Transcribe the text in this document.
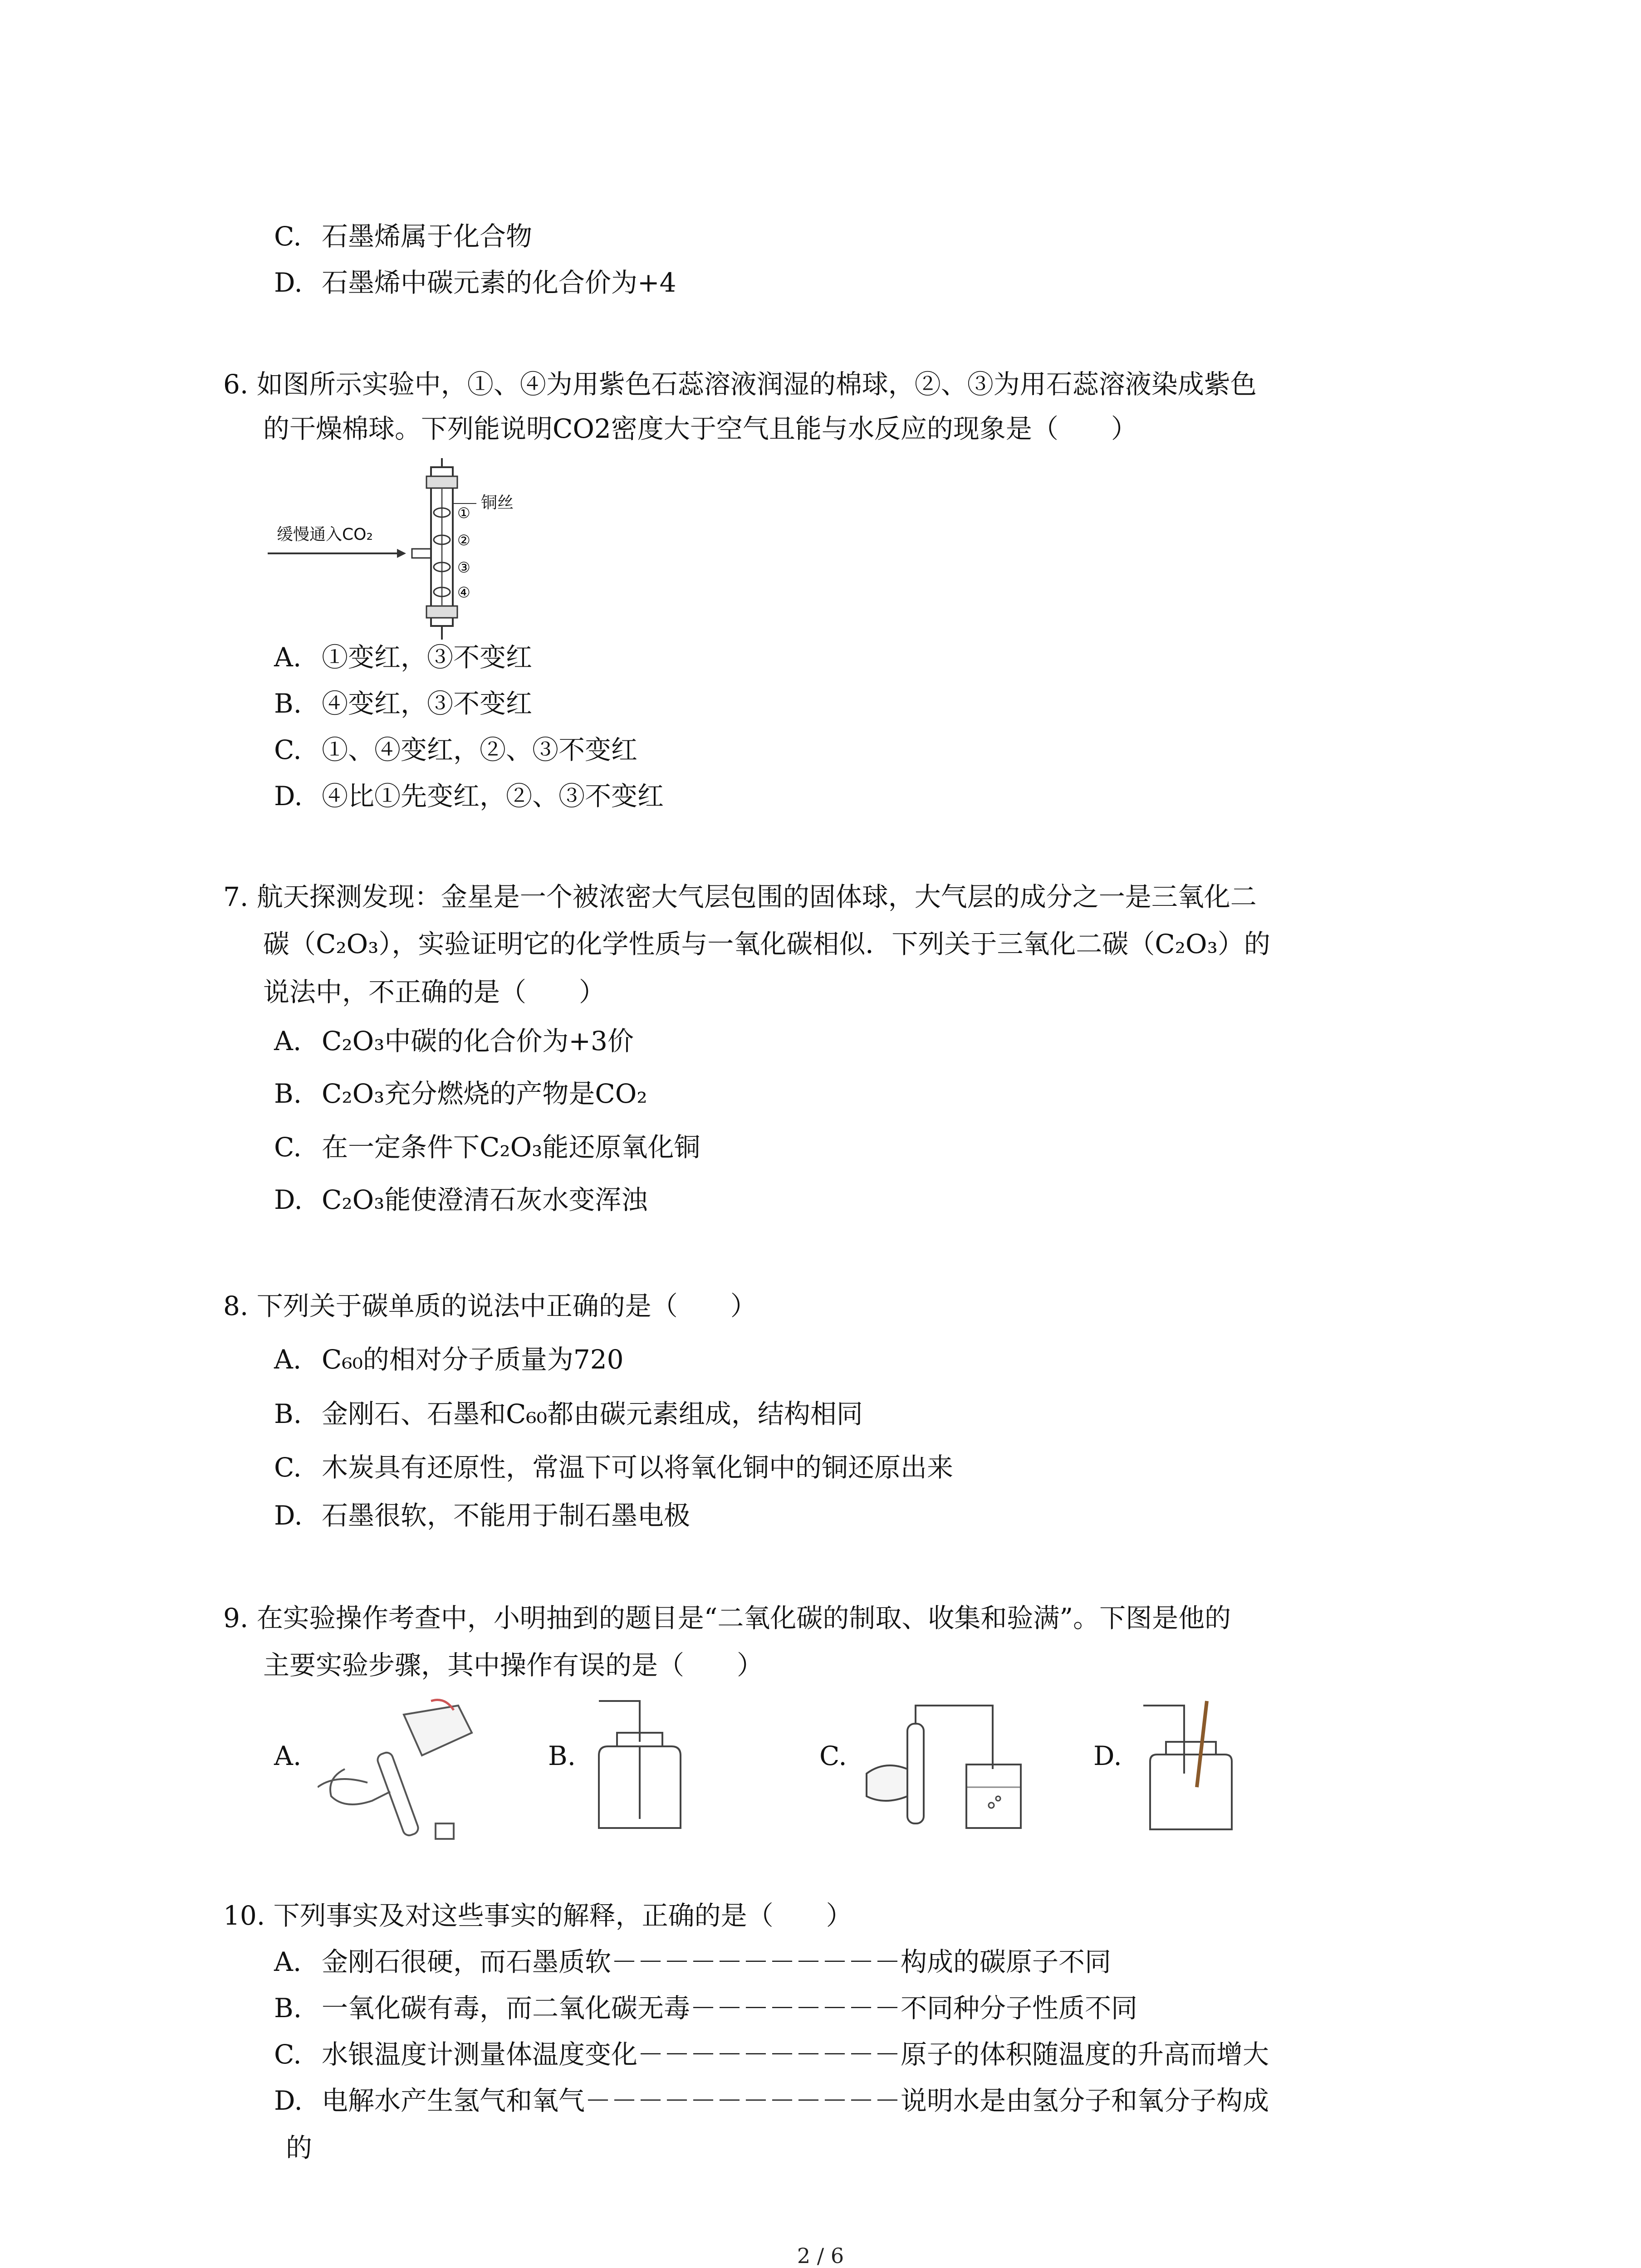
C. 石墨烯属于化合物
D. 石墨烯中碳元素的化合价为+4
6. 如图所示实验中，①、④为用紫色石蕊溶液润湿的棉球，②、③为用石蕊溶液染成紫色
的干燥棉球。下列能说明CO2密度大于空气且能与水反应的现象是（　　）
缓慢通入CO₂
铜丝
①
②
③
④
A. ①变红，③不变红
B. ④变红，③不变红
C. ①、④变红，②、③不变红
D. ④比①先变红，②、③不变红
7. 航天探测发现：金星是一个被浓密大气层包围的固体球，大气层的成分之一是三氧化二
碳（C₂O₃），实验证明它的化学性质与一氧化碳相似．下列关于三氧化二碳（C₂O₃）的
说法中，不正确的是（　　）
A. C₂O₃中碳的化合价为+3价
B. C₂O₃充分燃烧的产物是CO₂
C. 在一定条件下C₂O₃能还原氧化铜
D. C₂O₃能使澄清石灰水变浑浊
8. 下列关于碳单质的说法中正确的是（　　）
A. C₆₀的相对分子质量为720
B. 金刚石、石墨和C₆₀都由碳元素组成，结构相同
C. 木炭具有还原性，常温下可以将氧化铜中的铜还原出来
D. 石墨很软，不能用于制石墨电极
9. 在实验操作考查中，小明抽到的题目是“二氧化碳的制取、收集和验满”。下图是他的
主要实验步骤，其中操作有误的是（　　）
A.	B.	C.	D.
10. 下列事实及对这些事实的解释，正确的是（　　）
A. 金刚石很硬，而石墨质软－－－－－－－－－－－构成的碳原子不同
B. 一氧化碳有毒，而二氧化碳无毒－－－－－－－－不同种分子性质不同
C. 水银温度计测量体温度变化－－－－－－－－－－原子的体积随温度的升高而增大
D. 电解水产生氢气和氧气－－－－－－－－－－－－说明水是由氢分子和氧分子构成
的
2 / 6
